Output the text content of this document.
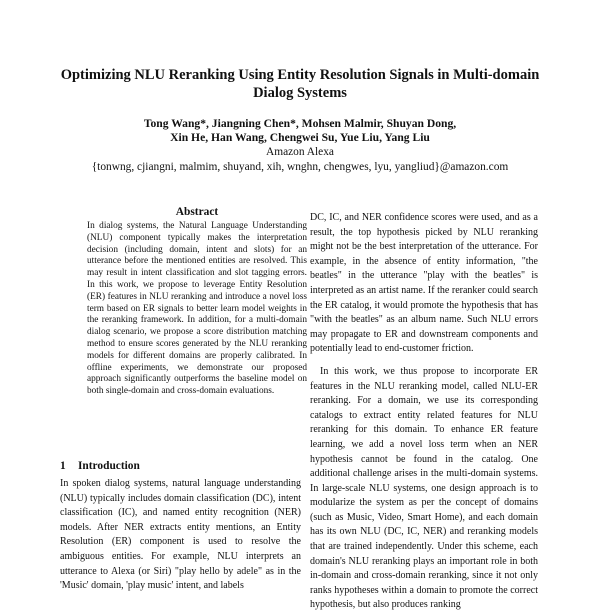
Optimizing NLU Reranking Using Entity Resolution Signals in Multi-domain Dialog Systems
Tong Wang*, Jiangning Chen*, Mohsen Malmir, Shuyan Dong,
Xin He, Han Wang, Chengwei Su, Yue Liu, Yang Liu
Amazon Alexa
{tonwng, cjiangni, malmim, shuyand, xih, wnghn, chengwes, lyu, yangliud}@amazon.com
Abstract

In dialog systems, the Natural Language Understanding (NLU) component typically makes the interpretation decision (including domain, intent and slots) for an utterance before the mentioned entities are resolved. This may result in intent classification and slot tagging errors. In this work, we propose to leverage Entity Resolution (ER) features in NLU reranking and introduce a novel loss term based on ER signals to better learn model weights in the reranking framework. In addition, for a multi-domain dialog scenario, we propose a score distribution matching method to ensure scores generated by the NLU reranking models for different domains are properly calibrated. In offline experiments, we demonstrate our proposed approach significantly outperforms the baseline model on both single-domain and cross-domain evaluations.

1 Introduction

In spoken dialog systems, natural language understanding (NLU) typically includes domain classification (DC), intent classification (IC), and named entity recognition (NER) models. After NER extracts entity mentions, an Entity Resolution (ER) component is used to resolve the ambiguous entities. For example, NLU interprets an utterance to Alexa (or Siri) "play hello by adele" as in the 'Music' domain, 'play music' intent, and labels

DC, IC, and NER confidence scores were used, and as a result, the top hypothesis picked by NLU reranking might not be the best interpretation of the utterance. For example, in the absence of entity information, "the beatles" in the utterance "play with the beatles" is interpreted as an artist name. If the reranker could search the ER catalog, it would promote the hypothesis that has "with the beatles" as an album name. Such NLU errors may propagate to ER and downstream components and potentially lead to end-customer friction.

In this work, we thus propose to incorporate ER features in the NLU reranking model, called NLU-ER reranking. For a domain, we use its corresponding catalogs to extract entity related features for NLU reranking for this domain. To enhance ER feature learning, we add a novel loss term when an NER hypothesis cannot be found in the catalog. One additional challenge arises in the multi-domain systems. In large-scale NLU systems, one design approach is to modularize the system as per the concept of domains (such as Music, Video, Smart Home), and each domain has its own NLU (DC, IC, NER) and reranking models that are trained independently. Under this scheme, each domain's NLU reranking plays an important role in both in-domain and cross-domain reranking, since it not only ranks hypotheses within a domain to promote the correct hypothesis, but also produces ranking
